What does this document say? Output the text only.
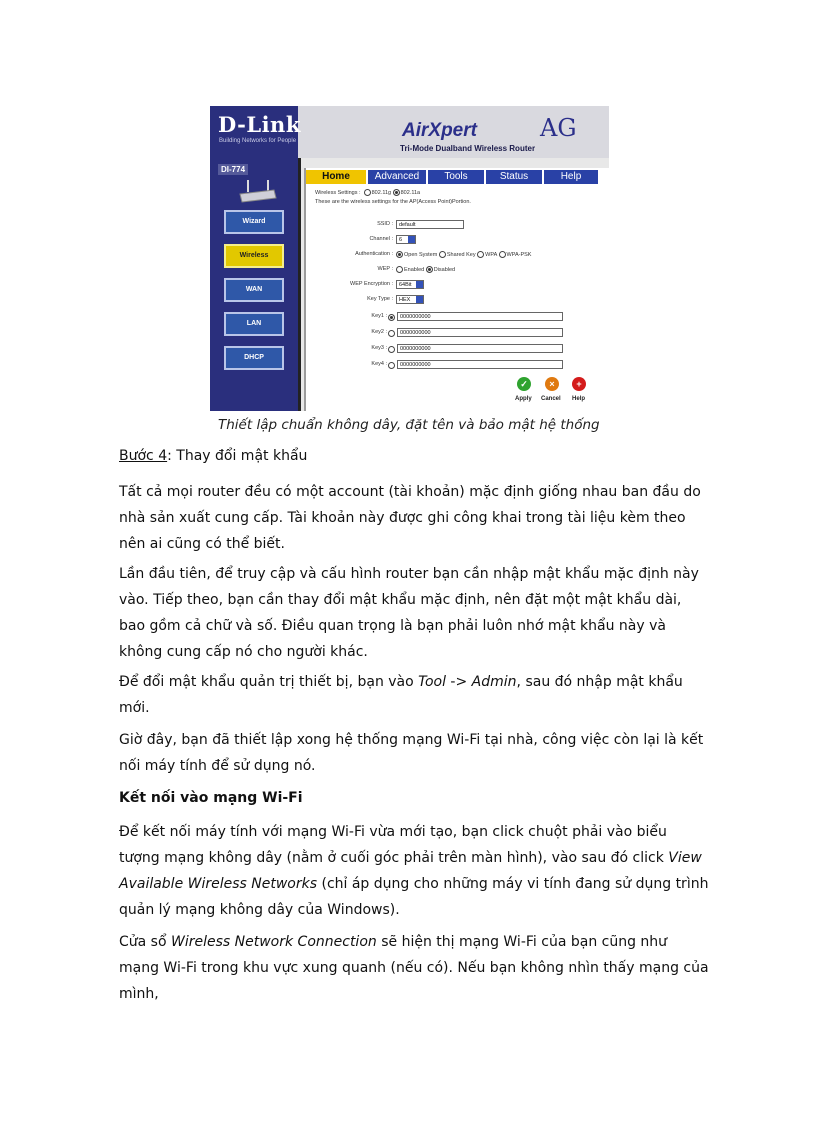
D-Link
Building Networks for People	AirXpert	AG
Tri-Mode Dualband Wireless Router
DI-774
Wizard
Wireless
WAN
LAN
DHCP
Home	Advanced	Tools	Status	Help
Wireless Settings : 802.11g 802.11a
These are the wireless settings for the AP(Access Point)Portion.
SSID :	default
Channel :	6
Authentication :	Open System Shared Key WPA WPA-PSK
WEP :	Enabled Disabled
WEP Encryption :	64Bit
Key Type :	HEX
Key1 :	0000000000
Key2 :	0000000000
Key3 :	0000000000
Key4 :	0000000000
✓	×	+
Apply Cancel Help
Thiết lập chuẩn không dây, đặt tên và bảo mật hệ thống
Bước 4: Thay đổi mật khẩu
Tất cả mọi router đều có một account (tài khoản) mặc định giống nhau ban đầu do nhà sản xuất cung cấp. Tài khoản này được ghi công khai trong tài liệu kèm theo nên ai cũng có thể biết.
Lần đầu tiên, để truy cập và cấu hình router bạn cần nhập mật khẩu mặc định này vào. Tiếp theo, bạn cần thay đổi mật khẩu mặc định, nên đặt một mật khẩu dài, bao gồm cả chữ và số. Điều quan trọng là bạn phải luôn nhớ mật khẩu này và không cung cấp nó cho người khác.
Để đổi mật khẩu quản trị thiết bị, bạn vào Tool -> Admin, sau đó nhập mật khẩu mới.
Giờ đây, bạn đã thiết lập xong hệ thống mạng Wi-Fi tại nhà, công việc còn lại là kết nối máy tính để sử dụng nó.
Kết nối vào mạng Wi-Fi
Để kết nối máy tính với mạng Wi-Fi vừa mới tạo, bạn click chuột phải vào biểu tượng mạng không dây (nằm ở cuối góc phải trên màn hình), vào sau đó click View Available Wireless Networks (chỉ áp dụng cho những máy vi tính đang sử dụng trình quản lý mạng không dây của Windows).
Cửa sổ Wireless Network Connection sẽ hiện thị mạng Wi-Fi của bạn cũng như mạng Wi-Fi trong khu vực xung quanh (nếu có). Nếu bạn không nhìn thấy mạng của mình,
